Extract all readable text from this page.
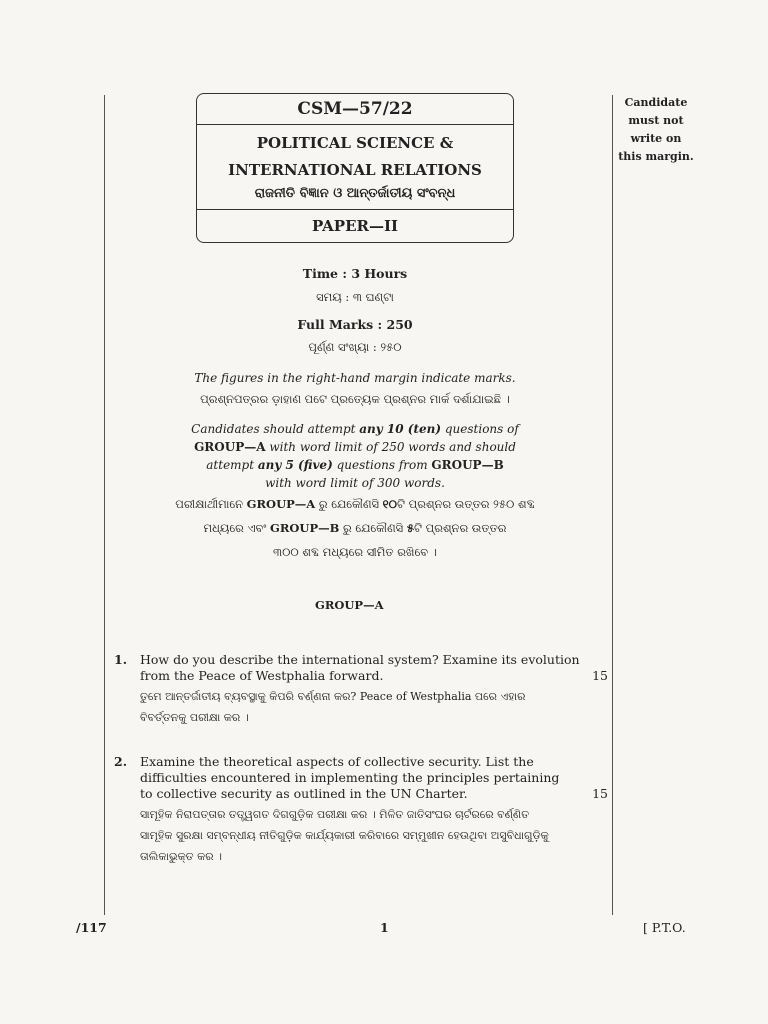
Candidate
must not
write on
this margin.
CSM—57/22
POLITICAL SCIENCE &
INTERNATIONAL RELATIONS
ରାଜନୀତି ବିଜ୍ଞାନ ଓ ଆନ୍ତର୍ଜାତୀୟ ସଂବନ୍ଧ
PAPER—II
Time : 3 Hours
ସମୟ : ୩ ଘଣ୍ଟା
Full Marks : 250
ପୂର୍ଣ୍ଣ ସଂଖ୍ୟା : ୨୫୦
The figures in the right-hand margin indicate marks.
ପ୍ରଶ୍ନପତ୍ରର ଡ଼ାହାଣ ପଟେ ପ୍ରତ୍ୟେକ ପ୍ରଶ୍ନର ମାର୍କ ଦର୍ଶାଯାଇଛି ।
Candidates should attempt any 10 (ten) questions of
GROUP—A with word limit of 250 words and should
attempt any 5 (five) questions from GROUP—B
with word limit of 300 words.
ପରୀକ୍ଷାର୍ଥୀମାନେ GROUP—A ରୁ ଯେକୌଣସି ୧୦ଟି ପ୍ରଶ୍ନର ଉତ୍ତର ୨୫୦ ଶବ୍ଦ
ମଧ୍ୟରେ ଏବଂ GROUP—B ରୁ ଯେକୌଣସି ୫ଟି ପ୍ରଶ୍ନର ଉତ୍ତର
୩୦୦ ଶବ୍ଦ ମଧ୍ୟରେ ସୀମିତ ରଖିବେ ।
GROUP—A
1. How do you describe the international system? Examine its evolution
from the Peace of Westphalia forward.	15
ତୁମେ ଆନ୍ତର୍ଜାତୀୟ ବ୍ୟବସ୍ଥାକୁ କିପରି ବର୍ଣ୍ଣନା କର? Peace of Westphalia ପରେ ଏହାର
ବିବର୍ତ୍ତନକୁ ପରୀକ୍ଷା କର ।
2. Examine the theoretical aspects of collective security. List the
difficulties encountered in implementing the principles pertaining
to collective security as outlined in the UN Charter.	15
ସାମୂହିକ ନିରାପତ୍ତାର ତତ୍ତ୍ୱଗତ ଦିଗଗୁଡ଼ିକ ପରୀକ୍ଷା କର । ମିଳିତ ଜାତିସଂଘର ଚାର୍ଟରରେ ବର୍ଣ୍ଣିତ
ସାମୂହିକ ସୁରକ୍ଷା ସମ୍ବନ୍ଧୀୟ ନୀତିଗୁଡ଼ିକ କାର୍ଯ୍ୟକାରୀ କରିବାରେ ସମ୍ମୁଖୀନ ହେଉଥିବା ଅସୁବିଧାଗୁଡ଼ିକୁ
ତାଲିକାଭୁକ୍ତ କର ।
/117	1	[ P.T.O.
